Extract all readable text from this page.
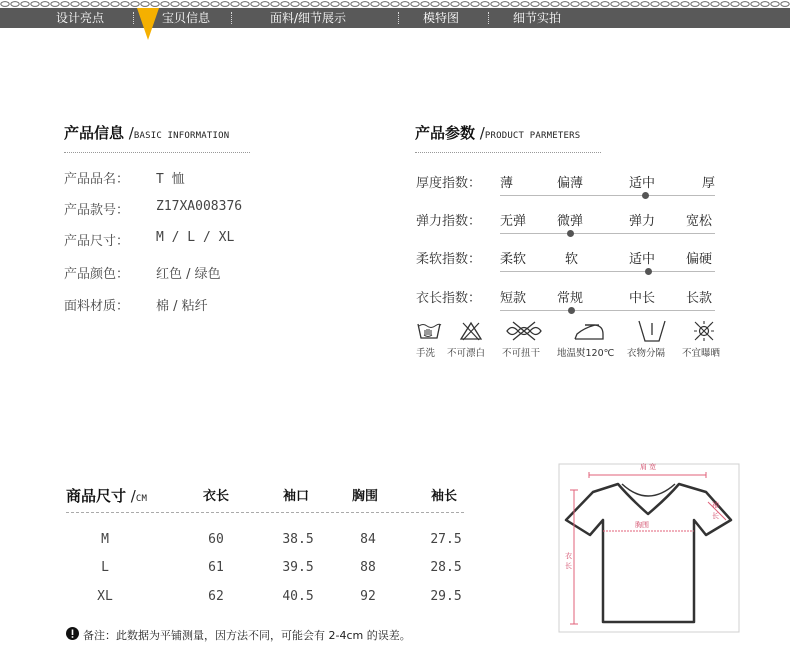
设计亮点	宝贝信息	面料/细节展示	模特图	细节实拍
产品信息 /BASIC INFORMATION
产品品名： T 恤
产品款号： Z17XA008376
产品尺寸： M / L / XL
产品颜色： 红色 / 绿色
面料材质： 棉 / 粘纤
产品参数 /PRODUCT PARMETERS
厚度指数： 薄	偏薄	适中	厚
弹力指数： 无弹 微弹	弹力 宽松
柔软指数： 柔软	软	适中 偏硬
衣长指数： 短款 常规	中长 长款
手洗 不可漂白 不可扭干 地温熨120℃ 衣物分隔 不宜曝晒
商品尺寸 /CM	衣长	袖口	胸围	袖长
M	60	38.5	84	27.5
L	61	39.5	88	28.5
XL	62	40.5	92	29.5
备注：此数据为平铺测量，因方法不同，可能会有 2-4cm 的误差。
肩 宽
胸围
袖
长
衣
长
